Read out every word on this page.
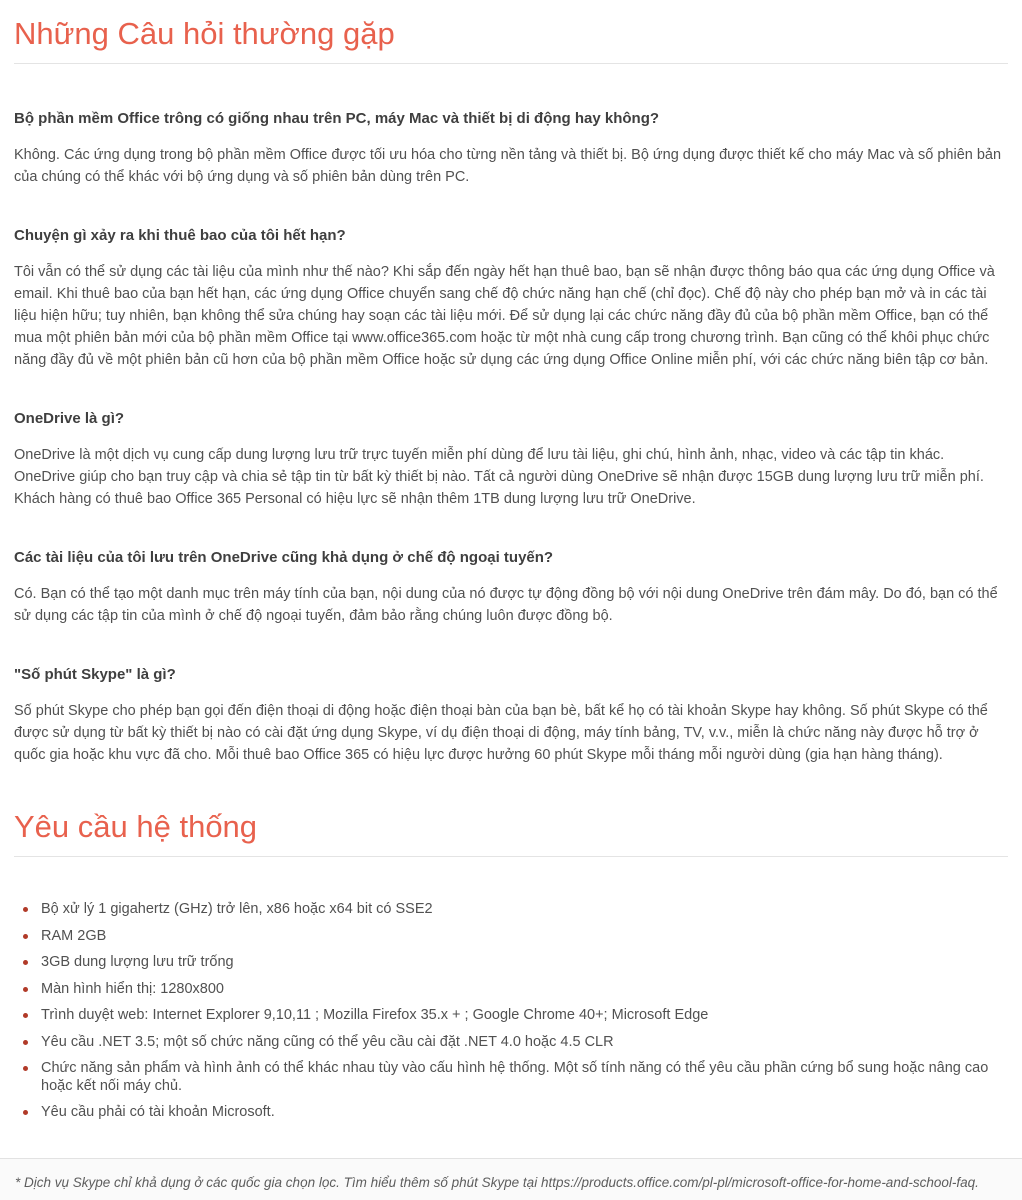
Những Câu hỏi thường gặp
Bộ phần mềm Office trông có giống nhau trên PC, máy Mac và thiết bị di động hay không?

Không. Các ứng dụng trong bộ phần mềm Office được tối ưu hóa cho từng nền tảng và thiết bị. Bộ ứng dụng được thiết kế cho máy Mac và số phiên bản của chúng có thể khác với bộ ứng dụng và số phiên bản dùng trên PC.

Chuyện gì xảy ra khi thuê bao của tôi hết hạn?

Tôi vẫn có thể sử dụng các tài liệu của mình như thế nào? Khi sắp đến ngày hết hạn thuê bao, bạn sẽ nhận được thông báo qua các ứng dụng Office và email. Khi thuê bao của bạn hết hạn, các ứng dụng Office chuyển sang chế độ chức năng hạn chế (chỉ đọc). Chế độ này cho phép bạn mở và in các tài liệu hiện hữu; tuy nhiên, bạn không thể sửa chúng hay soạn các tài liệu mới. Để sử dụng lại các chức năng đầy đủ của bộ phần mềm Office, bạn có thể mua một phiên bản mới của bộ phần mềm Office tại www.office365.com hoặc từ một nhà cung cấp trong chương trình. Bạn cũng có thể khôi phục chức năng đầy đủ về một phiên bản cũ hơn của bộ phần mềm Office hoặc sử dụng các ứng dụng Office Online miễn phí, với các chức năng biên tập cơ bản.

OneDrive là gì?

OneDrive là một dịch vụ cung cấp dung lượng lưu trữ trực tuyến miễn phí dùng để lưu tài liệu, ghi chú, hình ảnh, nhạc, video và các tập tin khác. OneDrive giúp cho bạn truy cập và chia sẻ tập tin từ bất kỳ thiết bị nào. Tất cả người dùng OneDrive sẽ nhận được 15GB dung lượng lưu trữ miễn phí. Khách hàng có thuê bao Office 365 Personal có hiệu lực sẽ nhận thêm 1TB dung lượng lưu trữ OneDrive.

Các tài liệu của tôi lưu trên OneDrive cũng khả dụng ở chế độ ngoại tuyến?

Có. Bạn có thể tạo một danh mục trên máy tính của bạn, nội dung của nó được tự động đồng bộ với nội dung OneDrive trên đám mây. Do đó, bạn có thể sử dụng các tập tin của mình ở chế độ ngoại tuyến, đảm bảo rằng chúng luôn được đồng bộ.

"Số phút Skype" là gì?

Số phút Skype cho phép bạn gọi đến điện thoại di động hoặc điện thoại bàn của bạn bè, bất kể họ có tài khoản Skype hay không. Số phút Skype có thể được sử dụng từ bất kỳ thiết bị nào có cài đặt ứng dụng Skype, ví dụ điện thoại di động, máy tính bảng, TV, v.v., miễn là chức năng này được hỗ trợ ở quốc gia hoặc khu vực đã cho. Mỗi thuê bao Office 365 có hiệu lực được hưởng 60 phút Skype mỗi tháng mỗi người dùng (gia hạn hàng tháng).

Yêu cầu hệ thống
Bộ xử lý 1 gigahertz (GHz) trở lên, x86 hoặc x64 bit có SSE2
RAM 2GB
3GB dung lượng lưu trữ trống
Màn hình hiển thị: 1280x800
Trình duyệt web: Internet Explorer 9,10,11 ; Mozilla Firefox 35.x + ; Google Chrome 40+; Microsoft Edge
Yêu cầu .NET 3.5; một số chức năng cũng có thể yêu cầu cài đặt .NET 4.0 hoặc 4.5 CLR
Chức năng sản phẩm và hình ảnh có thể khác nhau tùy vào cấu hình hệ thống. Một số tính năng có thể yêu cầu phần cứng bổ sung hoặc nâng cao hoặc kết nối máy chủ.
Yêu cầu phải có tài khoản Microsoft.

* Dịch vụ Skype chỉ khả dụng ở các quốc gia chọn lọc. Tìm hiểu thêm số phút Skype tại https://products.office.com/pl-pl/microsoft-office-for-home-and-school-faq.
